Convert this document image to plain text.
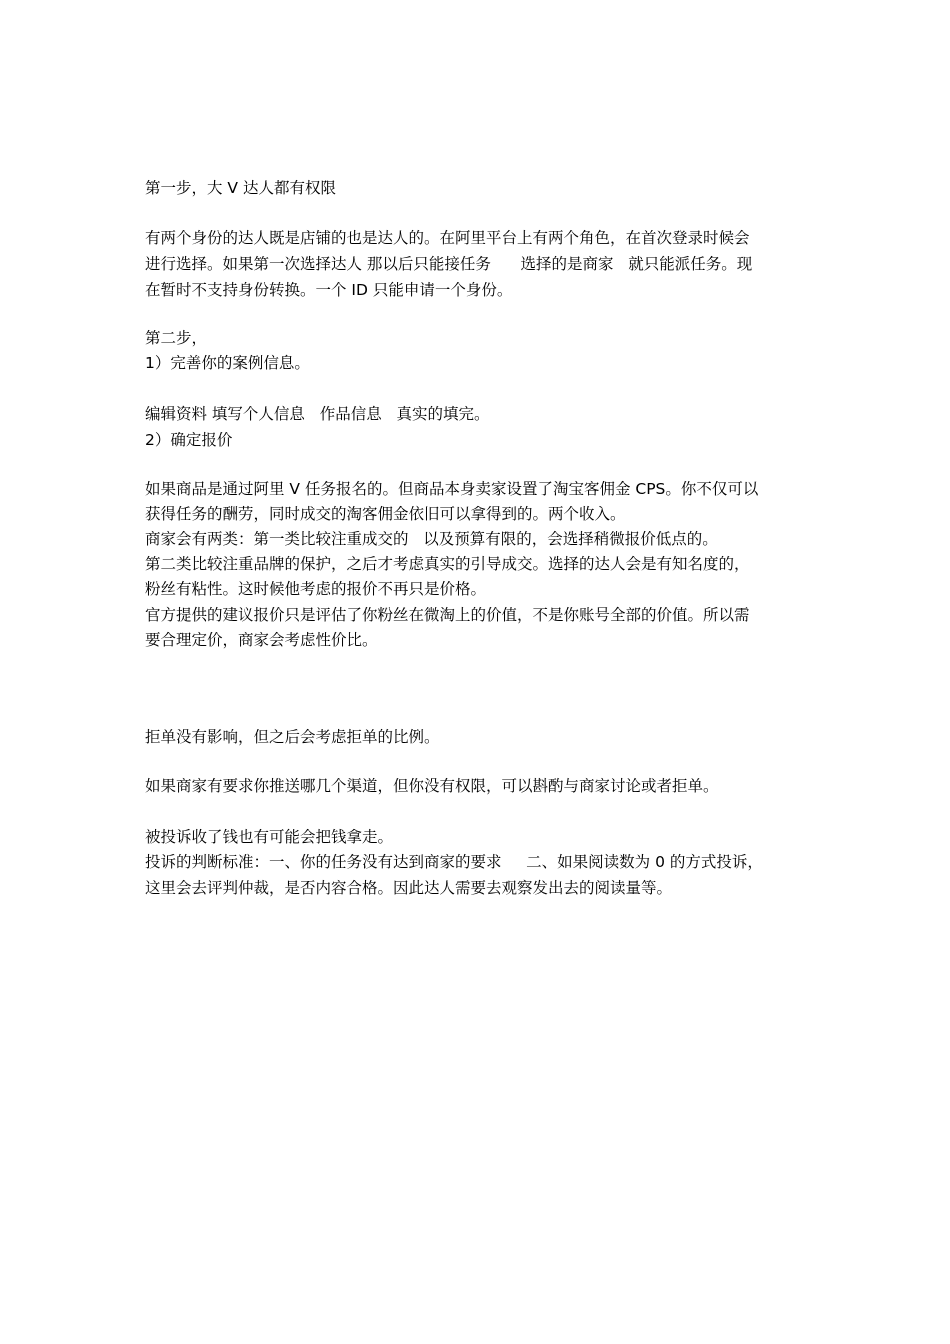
第一步，大 V 达人都有权限
有两个身份的达人既是店铺的也是达人的。在阿里平台上有两个角色，在首次登录时候会
进行选择。如果第一次选择达人 那以后只能接任务      选择的是商家   就只能派任务。现
在暂时不支持身份转换。一个 ID 只能申请一个身份。
第二步，
1）完善你的案例信息。
编辑资料 填写个人信息   作品信息   真实的填完。
2）确定报价
如果商品是通过阿里 V 任务报名的。但商品本身卖家设置了淘宝客佣金 CPS。你不仅可以
获得任务的酬劳，同时成交的淘客佣金依旧可以拿得到的。两个收入。
商家会有两类：第一类比较注重成交的   以及预算有限的，会选择稍微报价低点的。
第二类比较注重品牌的保护，之后才考虑真实的引导成交。选择的达人会是有知名度的，
粉丝有粘性。这时候他考虑的报价不再只是价格。
官方提供的建议报价只是评估了你粉丝在微淘上的价值，不是你账号全部的价值。所以需
要合理定价，商家会考虑性价比。
拒单没有影响，但之后会考虑拒单的比例。
如果商家有要求你推送哪几个渠道，但你没有权限，可以斟酌与商家讨论或者拒单。
被投诉收了钱也有可能会把钱拿走。
投诉的判断标准：一、你的任务没有达到商家的要求     二、如果阅读数为 0 的方式投诉，
这里会去评判仲裁，是否内容合格。因此达人需要去观察发出去的阅读量等。
